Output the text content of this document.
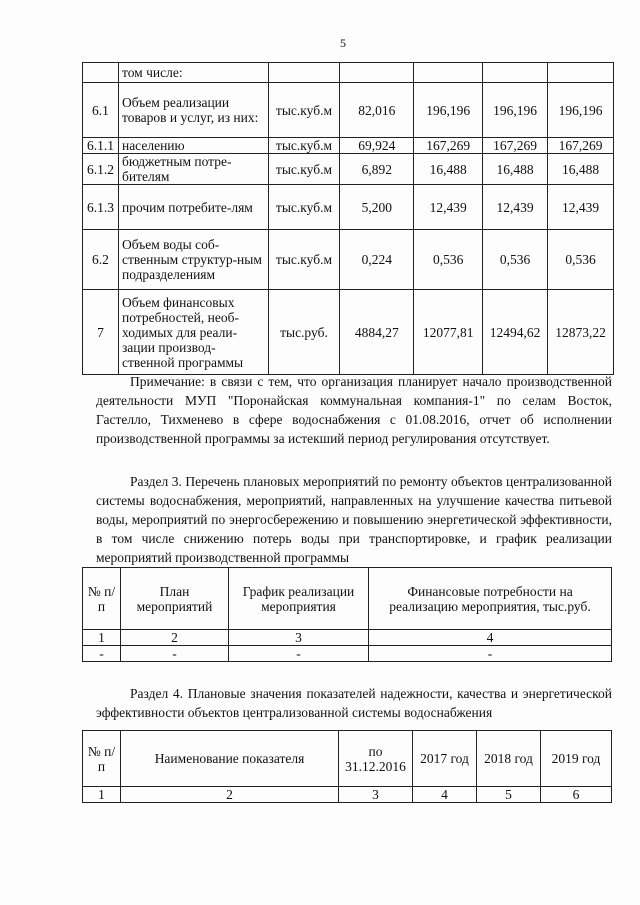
5
	том числе:					
6.1	Объем реализации товаров и услуг, из них:	тыс.куб.м	82,016	196,196	196,196	196,196
6.1.1	населению	тыс.куб.м	69,924	167,269	167,269	167,269
6.1.2	бюджетным потре-бителям	тыс.куб.м	6,892	16,488	16,488	16,488
6.1.3	прочим потребите-лям	тыс.куб.м	5,200	12,439	12,439	12,439
6.2	Объем воды соб-ственным структур-ным подразделениям	тыс.куб.м	0,224	0,536	0,536	0,536
7	Объем финансовых потребностей, необ-ходимых для реали-зации производ-ственной программы	тыс.руб.	4884,27	12077,81	12494,62	12873,22
Примечание: в связи с тем, что организация планирует начало производственной деятельности МУП "Поронайская коммунальная компания-1" по селам Восток, Гастелло, Тихменево в сфере водоснабжения с 01.08.2016, отчет об исполнении производственной программы за истекший период регулирования отсутствует.
Раздел 3. Перечень плановых мероприятий по ремонту объектов централизованной системы водоснабжения, мероприятий, направленных на улучшение качества питьевой воды, мероприятий по энергосбережению и повышению энергетической эффективности, в том числе снижению потерь воды при транспортировке, и график реализации мероприятий производственной программы
№ п/п	План мероприятий	График реализации мероприятия	Финансовые потребности на реализацию мероприятия, тыс.руб.
1	2	3	4
-	-	-	-
Раздел 4. Плановые значения показателей надежности, качества и энергетической эффективности объектов централизованной системы водоснабжения
№ п/п	Наименование показателя	по 31.12.2016	2017 год	2018 год	2019 год
1	2	3	4	5	6
